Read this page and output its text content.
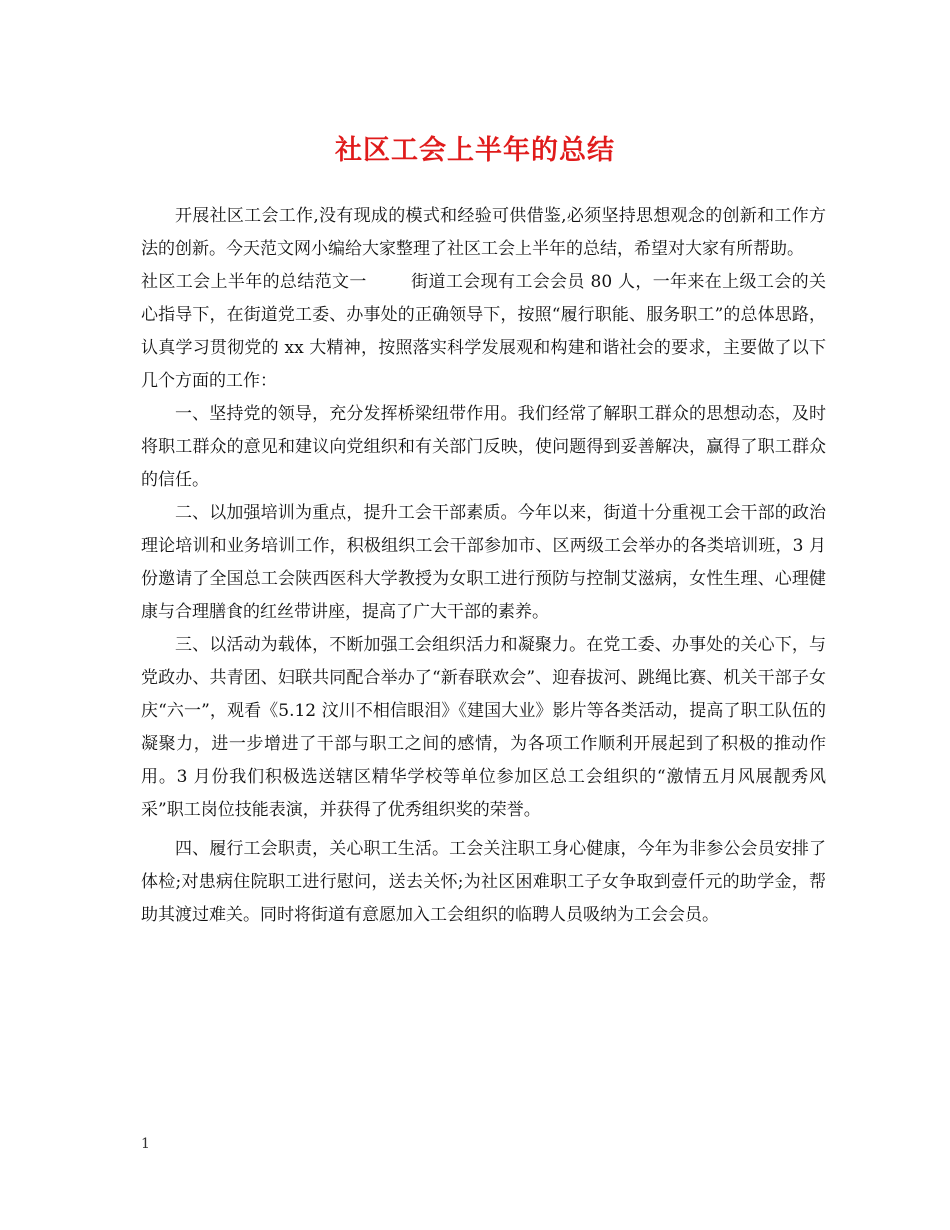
社区工会上半年的总结

开展社区工会工作,没有现成的模式和经验可供借鉴,必须坚持思想观念的创新和工作方法的创新。今天范文网小编给大家整理了社区工会上半年的总结，希望对大家有所帮助。

社区工会上半年的总结范文一	街道工会现有工会会员 80 人，一年来在上级工会的关心指导下，在街道党工委、办事处的正确领导下，按照“履行职能、服务职工”的总体思路，认真学习贯彻党的 xx 大精神，按照落实科学发展观和构建和谐社会的要求，主要做了以下几个方面的工作：

一、坚持党的领导，充分发挥桥梁纽带作用。我们经常了解职工群众的思想动态，及时将职工群众的意见和建议向党组织和有关部门反映，使问题得到妥善解决，赢得了职工群众的信任。

二、以加强培训为重点，提升工会干部素质。今年以来，街道十分重视工会干部的政治理论培训和业务培训工作，积极组织工会干部参加市、区两级工会举办的各类培训班，3 月份邀请了全国总工会陕西医科大学教授为女职工进行预防与控制艾滋病，女性生理、心理健康与合理膳食的红丝带讲座，提高了广大干部的素养。

三、以活动为载体，不断加强工会组织活力和凝聚力。在党工委、办事处的关心下，与党政办、共青团、妇联共同配合举办了“新春联欢会”、迎春拔河、跳绳比赛、机关干部子女庆“六一”，观看《5.12 汶川不相信眼泪》《建国大业》影片等各类活动，提高了职工队伍的凝聚力，进一步增进了干部与职工之间的感情，为各项工作顺利开展起到了积极的推动作用。3 月份我们积极选送辖区精华学校等单位参加区总工会组织的“激情五月风展靓秀风采”职工岗位技能表演，并获得了优秀组织奖的荣誉。

四、履行工会职责，关心职工生活。工会关注职工身心健康，今年为非参公会员安排了体检;对患病住院职工进行慰问，送去关怀;为社区困难职工子女争取到壹仟元的助学金，帮助其渡过难关。同时将街道有意愿加入工会组织的临聘人员吸纳为工会会员。

1
